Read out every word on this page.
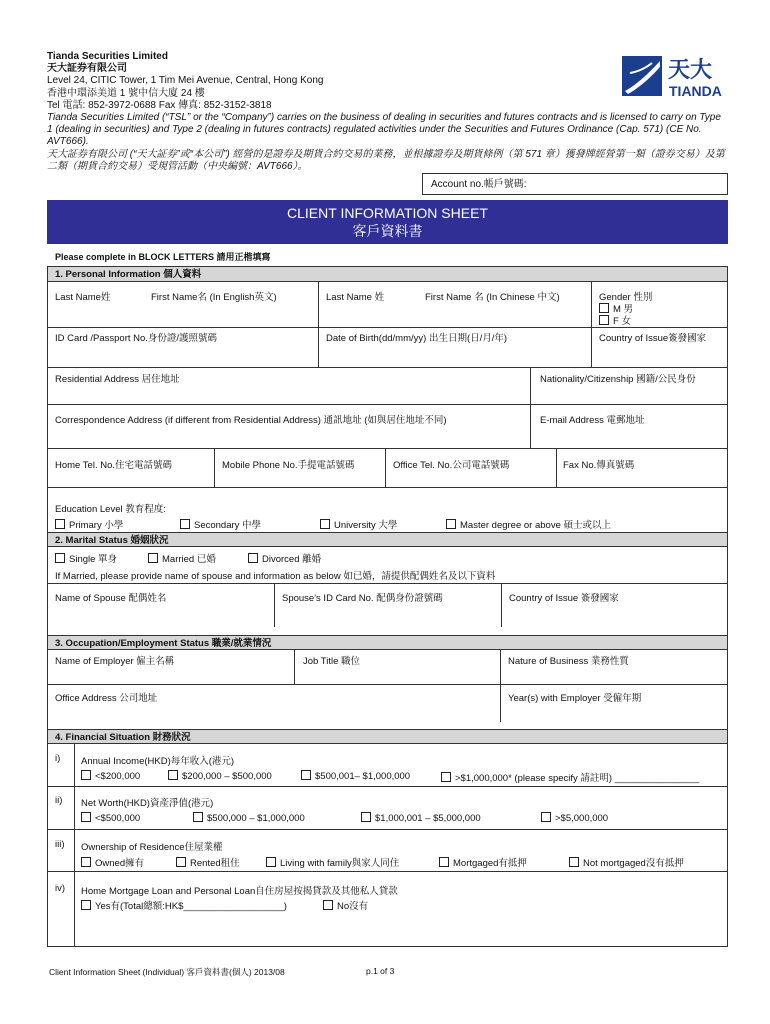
Tianda Securities Limited
天大証券有限公司
Level 24, CITIC Tower, 1 Tim Mei Avenue, Central, Hong Kong
香港中環添美道 1 號中信大廈 24 樓
Tel 電話: 852-3972-0688 Fax 傳真: 852-3152-3818
Tianda Securities Limited (“TSL” or the “Company”) carries on the business of dealing in securities and futures contracts and is licensed to carry on Type 1 (dealing in securities) and Type 2 (dealing in futures contracts) regulated activities under the Securities and Futures Ordinance (Cap. 571) (CE No. AVT666).
天大証券有限公司 (“天大証券”或“本公司”) 經營的是證券及期貨合約交易的業務，並根據證券及期貨條例（第 571 章）獲發牌經營第一類（證券交易）及第二類（期貨合約交易）受規管活動（中央編號：AVT666）。
天大
TIANDA
Account no.帳戶號碼:
CLIENT INFORMATION SHEET
客戶資料書
Please complete in BLOCK LETTERS 請用正楷填寫
1. Personal Information 個人資料
Last Name姓	First Name名 (In English英文)	Last Name 姓	First Name 名 (In Chinese 中文)	Gender 性別
M 男
F 女
ID Card /Passport No.身份證/護照號碼	Date of Birth(dd/mm/yy) 出生日期(日/月/年)	Country of Issue簽發國家
Residential Address 居住地址	Nationality/Citizenship 國籍/公民身份
Correspondence Address (if different from Residential Address) 通訊地址 (如與居住地址不同)	E-mail Address 電郵地址
Home Tel. No.住宅電話號碼	Mobile Phone No.手提電話號碼	Office Tel. No.公司電話號碼	Fax No.傳真號碼
Education Level 教育程度:
Primary 小學	Secondary 中學	University 大學	Master degree or above 碩士或以上
2. Marital Status 婚姻狀況
Single 單身	Married 已婚	Divorced 離婚
If Married, please provide name of spouse and information as below 如已婚，請提供配偶姓名及以下資料
Name of Spouse 配偶姓名	Spouse's ID Card No. 配偶身份證號碼	Country of Issue 簽發國家
3. Occupation/Employment Status 職業/就業情況
Name of Employer 僱主名稱	Job Title 職位	Nature of Business 業務性質
Office Address 公司地址	Year(s) with Employer 受僱年期
4. Financial Situation 財務狀況
i) Annual Income(HKD)每年收入(港元)
<$200,000	$200,000 – $500,000	$500,001– $1,000,000	>$1,000,000* (please specify 請註明) ________________
ii) Net Worth(HKD)資產淨值(港元)
<$500,000	$500,000 – $1,000,000	$1,000,001 – $5,000,000	>$5,000,000
iii) Ownership of Residence住屋業權
Owned擁有	Rented租住	Living with family與家人同住	Mortgaged有抵押	Not mortgaged沒有抵押
iv) Home Mortgage Loan and Personal Loan自住房屋按揭貸款及其他私人貸款
Yes有(Total總額:HK$___________________)	No沒有
Client Information Sheet (Individual) 客戶資料書(個人) 2013/08	p.1 of 3
